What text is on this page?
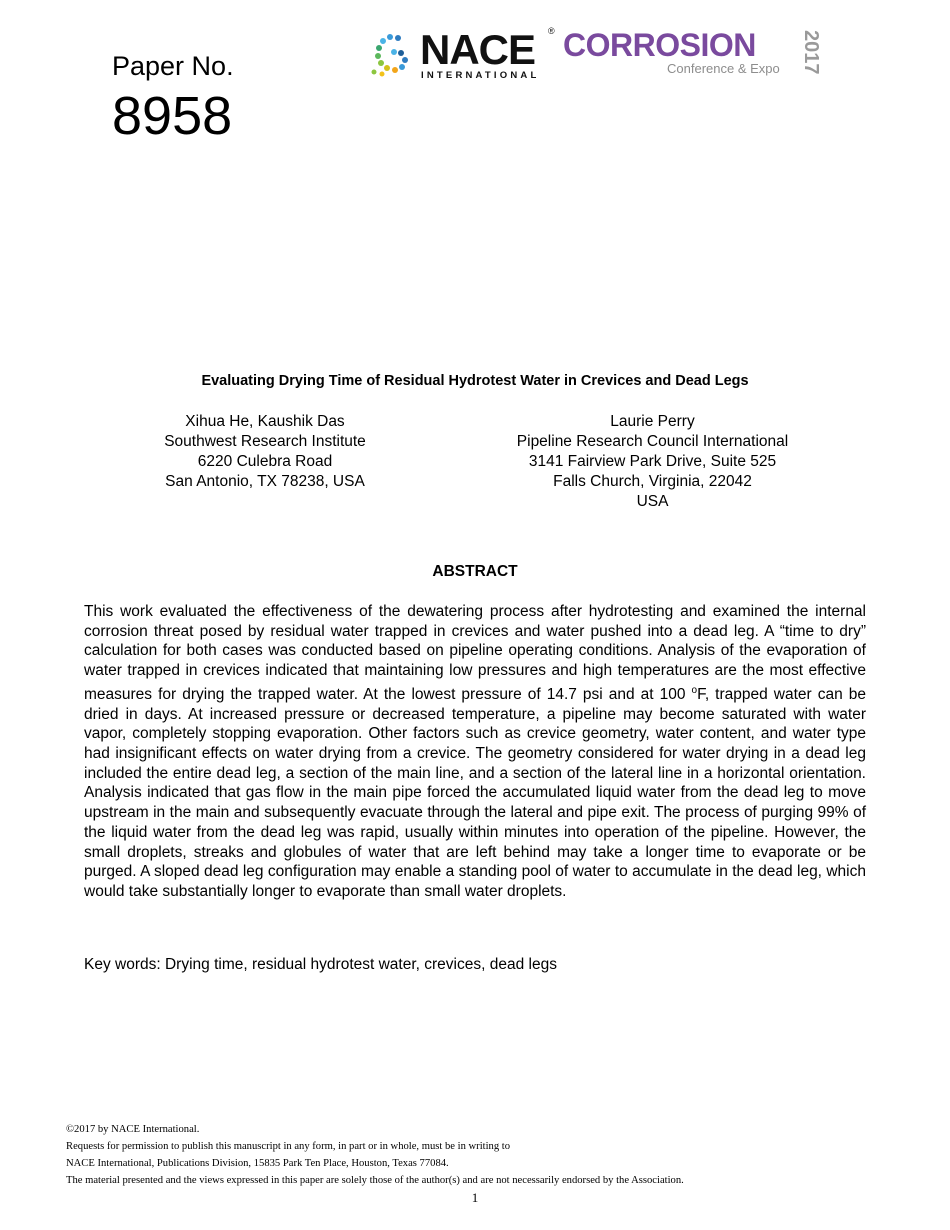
Paper No.
8958
NACE ®
INTERNATIONAL
CORROSION
Conference & Expo 2017
Evaluating Drying Time of Residual Hydrotest Water in Crevices and Dead Legs
Xihua He, Kaushik Das
Southwest Research Institute
6220 Culebra Road
San Antonio, TX 78238, USA
Laurie Perry
Pipeline Research Council International
3141 Fairview Park Drive, Suite 525
Falls Church, Virginia, 22042
USA
ABSTRACT
This work evaluated the effectiveness of the dewatering process after hydrotesting and examined the internal corrosion threat posed by residual water trapped in crevices and water pushed into a dead leg. A “time to dry” calculation for both cases was conducted based on pipeline operating conditions. Analysis of the evaporation of water trapped in crevices indicated that maintaining low pressures and high temperatures are the most effective measures for drying the trapped water. At the lowest pressure of 14.7 psi and at 100 $^o$F, trapped water can be dried in days. At increased pressure or decreased temperature, a pipeline may become saturated with water vapor, completely stopping evaporation. Other factors such as crevice geometry, water content, and water type had insignificant effects on water drying from a crevice. The geometry considered for water drying in a dead leg included the entire dead leg, a section of the main line, and a section of the lateral line in a horizontal orientation. Analysis indicated that gas flow in the main pipe forced the accumulated liquid water from the dead leg to move upstream in the main and subsequently evacuate through the lateral and pipe exit. The process of purging 99% of the liquid water from the dead leg was rapid, usually within minutes into operation of the pipeline. However, the small droplets, streaks and globules of water that are left behind may take a longer time to evaporate or be purged. A sloped dead leg configuration may enable a standing pool of water to accumulate in the dead leg, which would take substantially longer to evaporate than small water droplets.
Key words: Drying time, residual hydrotest water, crevices, dead legs
©2017 by NACE International.
Requests for permission to publish this manuscript in any form, in part or in whole, must be in writing to
NACE International, Publications Division, 15835 Park Ten Place, Houston, Texas 77084.
The material presented and the views expressed in this paper are solely those of the author(s) and are not necessarily endorsed by the Association.
1
